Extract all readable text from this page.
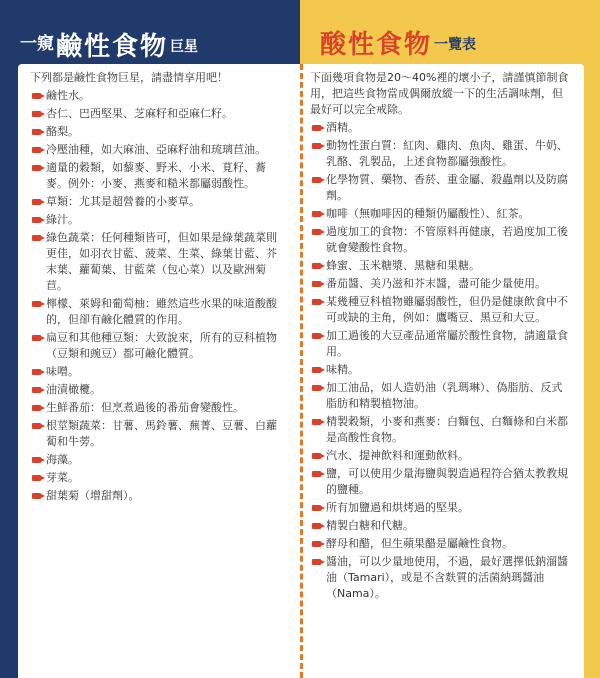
一窺 鹼性食物 巨星	酸性食物 一覽表

下列都是鹼性食物巨星，請盡情享用吧！

鹼性水。
杏仁、巴西堅果、芝麻籽和亞麻仁籽。
酪梨。
冷壓油種，如大麻油、亞麻籽油和琉璃苣油。
適量的穀類，如藜麥、野米、小米、莧籽、蕎麥。例外：小麥、燕麥和糙米都屬弱酸性。
草類：尤其是超營養的小麥草。
綠汁。
綠色蔬菜：任何種類皆可，但如果是綠葉蔬菜則更佳，如羽衣甘藍、菠菜、生菜、綠葉甘藍、芥末葉、蘿蔔葉、甘藍菜（包心菜）以及歐洲菊苣。
檸檬、萊姆和葡萄柚：雖然這些水果的味道酸酸的，但卻有鹼化體質的作用。
扁豆和其他種豆類：大致說來，所有的豆科植物（豆類和豌豆）都可鹼化體質。
味噌。
油漬橄欖。
生鮮番茄：但烹煮過後的番茄會變酸性。
根莖類蔬菜：甘薯、馬鈴薯、蕪菁、豆薯、白蘿蔔和牛蒡。
海藻。
芽菜。
甜葉菊（增甜劑）。

下面幾項食物是20～40%裡的壞小子，請謹慎節制食用，把這些食物當成偶爾放縱一下的生活調味劑，但最好可以完全戒除。

酒精。
動物性蛋白質：紅肉、雞肉、魚肉、雞蛋、牛奶、乳酪、乳製品，上述食物都屬強酸性。
化學物質、藥物、香菸、重金屬、殺蟲劑以及防腐劑。
咖啡（無咖啡因的種類仍屬酸性）、紅茶。
過度加工的食物：不管原料再健康，若過度加工後就會變酸性食物。
蜂蜜、玉米糖漿、黑糖和果糖。
番茄醬、美乃滋和芥末醬，盡可能少量使用。
某幾種豆科植物雖屬弱酸性，但仍是健康飲食中不可或缺的主角，例如：鷹嘴豆、黑豆和大豆。
加工過後的大豆產品通常屬於酸性食物，請適量食用。
味精。
加工油品，如人造奶油（乳瑪琳）、偽脂肪、反式脂肪和精製植物油。
精製穀類，小麥和燕麥：白麵包、白麵條和白米都是高酸性食物。
汽水、提神飲料和運動飲料。
鹽，可以使用少量海鹽與製造過程符合猶太教教規的鹽種。
所有加鹽過和烘烤過的堅果。
精製白糖和代糖。
酵母和醋，但生蘋果醋是屬鹼性食物。
醬油，可以少量地使用，不過，最好選擇低鈉溜醬油（Tamari），或是不含麩質的活菌納瑪醬油（Nama）。
